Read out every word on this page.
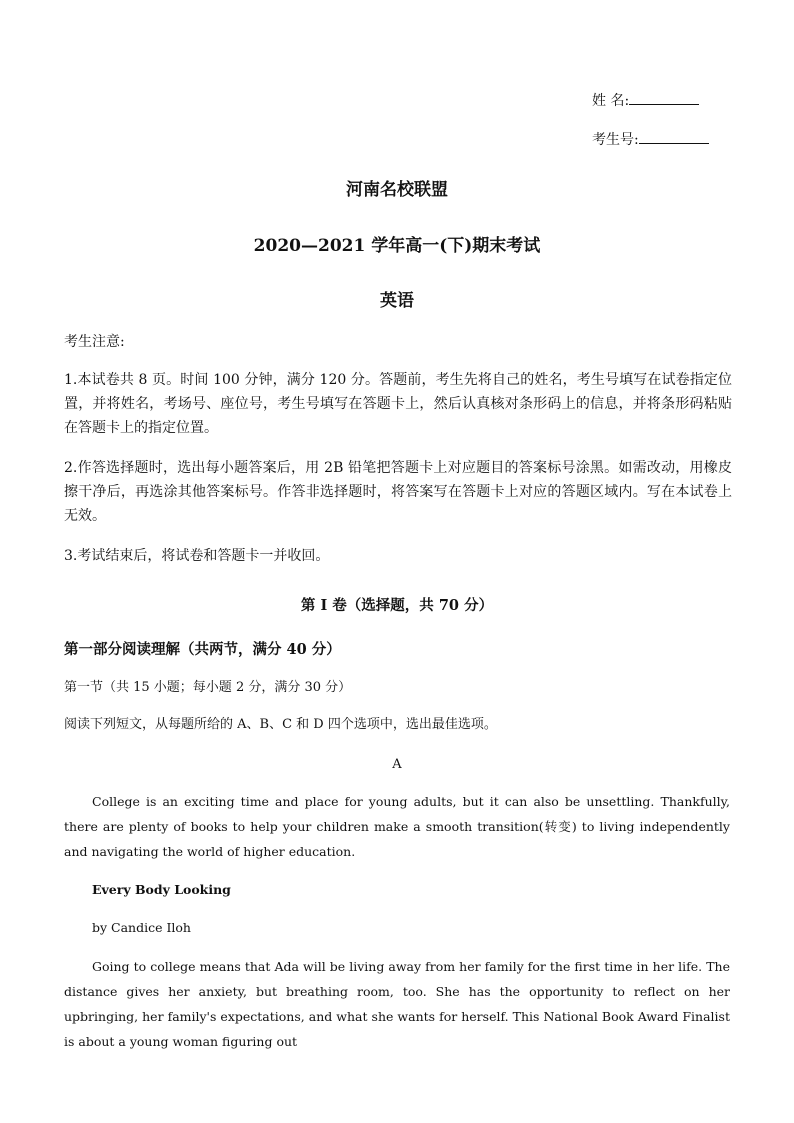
姓 名:
考生号:
河南名校联盟
2020—2021 学年高一(下)期末考试
英语
考生注意:
1.本试卷共 8 页。时间 100 分钟，满分 120 分。答题前，考生先将自己的姓名，考生号填写在试卷指定位置，并将姓名，考场号、座位号，考生号填写在答题卡上，然后认真核对条形码上的信息，并将条形码粘贴在答题卡上的指定位置。
2.作答选择题时，选出每小题答案后，用 2B 铅笔把答题卡上对应题目的答案标号涂黑。如需改动，用橡皮擦干净后，再选涂其他答案标号。作答非选择题时，将答案写在答题卡上对应的答题区域内。写在本试卷上无效。
3.考试结束后，将试卷和答题卡一并收回。
第 I 卷（选择题，共 70 分）
第一部分阅读理解（共两节，满分 40 分）
第一节（共 15 小题；每小题 2 分，满分 30 分）
阅读下列短文，从每题所给的 A、B、C 和 D 四个选项中，选出最佳选项。
A
College is an exciting time and place for young adults, but it can also be unsettling. Thankfully, there are plenty of books to help your children make a smooth transition(转变) to living independently and navigating the world of higher education.
Every Body Looking
by Candice Iloh
Going to college means that Ada will be living away from her family for the first time in her life. The distance gives her anxiety, but breathing room, too. She has the opportunity to reflect on her upbringing, her family's expectations, and what she wants for herself. This National Book Award Finalist is about a young woman figuring out
